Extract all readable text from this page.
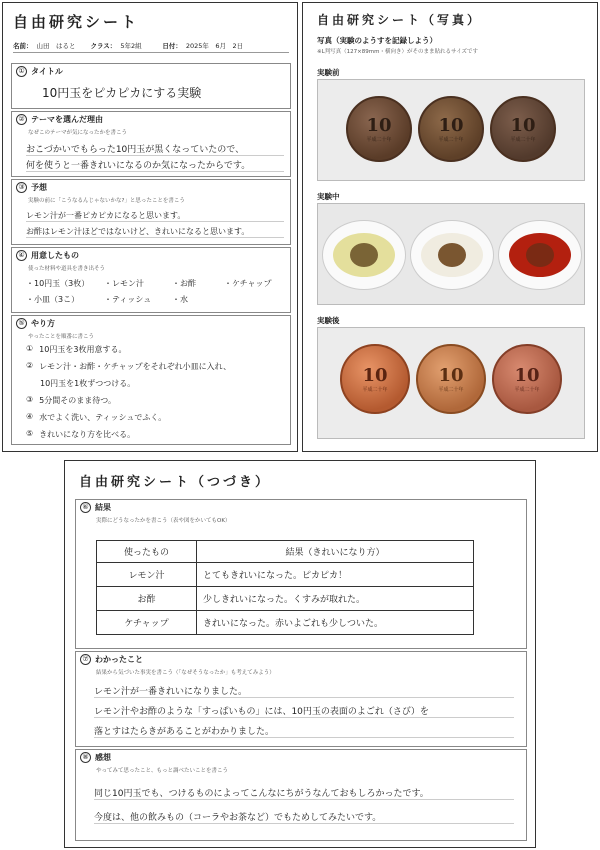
自由研究シート
名前： 山田　はると	クラス： 5年2組	日付： 2025年　6月　2日
① タイトル
10円玉をピカピカにする実験
② テーマを選んだ理由
なぜこのテーマが気になったかを書こう
おこづかいでもらった10円玉が黒くなっていたので、
何を使うと一番きれいになるのか気になったからです。
③ 予想
実験の前に「こうなるんじゃないかな?」と思ったことを書こう
レモン汁が一番ピカピカになると思います。
お酢はレモン汁ほどではないけど、きれいになると思います。
④ 用意したもの
使った材料や道具を書き出そう
・10円玉（3枚） ・レモン汁	・お酢	・ケチャップ
・小皿（3こ）	・ティッシュ	・水
⑤ やり方
やったことを順番に書こう
① 10円玉を3枚用意する。
② レモン汁・お酢・ケチャップをそれぞれ小皿に入れ、
10円玉を1枚ずつつける。
③ 5分間そのまま待つ。
④ 水でよく洗い、ティッシュでふく。
⑤ きれいになり方を比べる。
自由研究シート（写真）
写真（実験のようすを記録しよう）
※L判写真（127×89mm・横向き）がそのまま貼れるサイズです
実験前
10
平成二十年
10
平成二十年
10
平成二十年
実験中
実験後
10
平成二十年
10
平成二十年
10
平成二十年
自由研究シート（つづき）
⑥ 結果
実際にどうなったかを書こう（表や図をかいてもOK）
使ったもの	結果（きれいになり方）
レモン汁	とてもきれいになった。ピカピカ！
お酢	少しきれいになった。くすみが取れた。
ケチャップ	きれいになった。赤いよごれも少しついた。
⑦ わかったこと
結果から気づいた事実を書こう（「なぜそうなったか」も考えてみよう）
レモン汁が一番きれいになりました。
レモン汁やお酢のような「すっぱいもの」には、10円玉の表面のよごれ（さび）を
落とすはたらきがあることがわかりました。
⑧ 感想
やってみて思ったこと、もっと調べたいことを書こう
同じ10円玉でも、つけるものによってこんなにちがうなんておもしろかったです。
今度は、他の飲みもの（コーラやお茶など）でもためしてみたいです。
